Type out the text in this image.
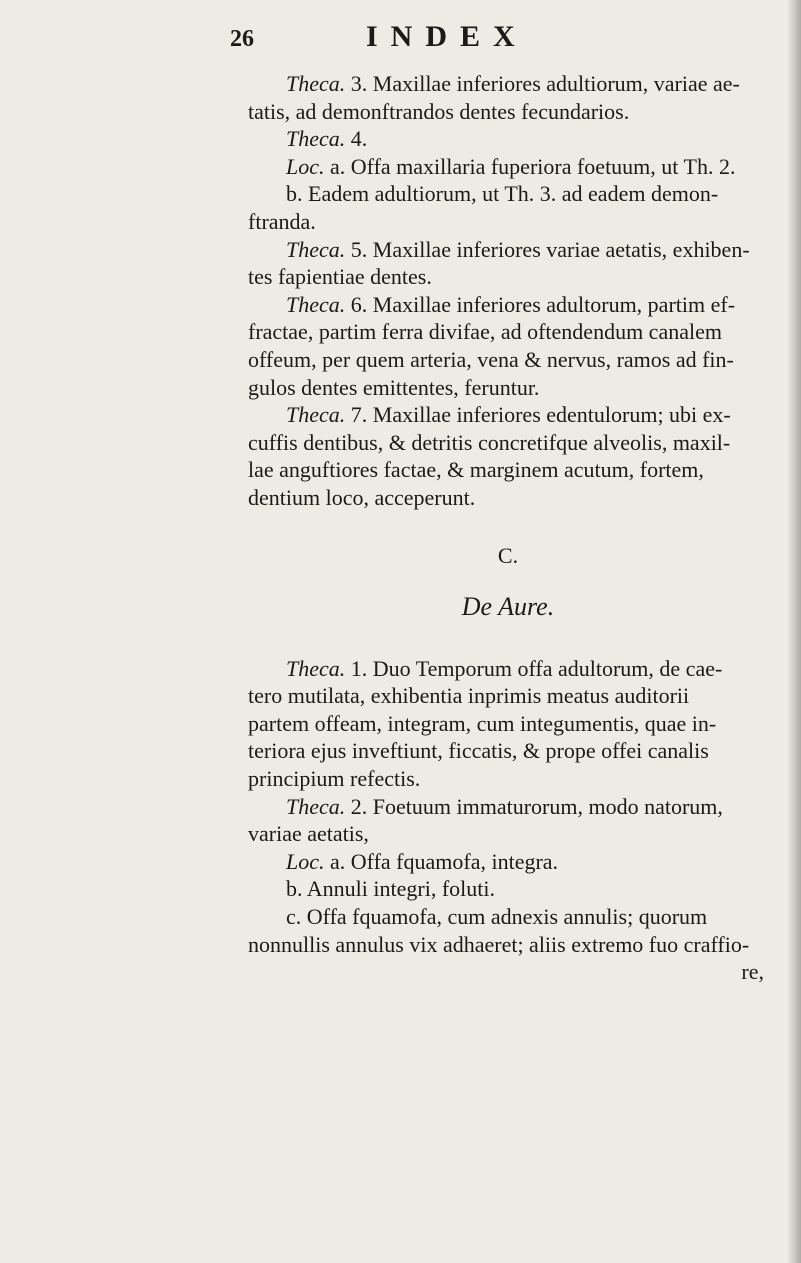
26	INDEX
Theca. 3. Maxillae inferiores adultiorum, variae ae-
tatis, ad demonftrandos dentes fecundarios.
Theca. 4.
Loc. a. Offa maxillaria fuperiora foetuum, ut Th. 2.
b. Eadem adultiorum, ut Th. 3. ad eadem demon-
ftranda.
Theca. 5. Maxillae inferiores variae aetatis, exhiben-
tes fapientiae dentes.
Theca. 6. Maxillae inferiores adultorum, partim ef-
fractae, partim ferra divifae, ad oftendendum canalem
offeum, per quem arteria, vena & nervus, ramos ad fin-
gulos dentes emittentes, feruntur.
Theca. 7. Maxillae inferiores edentulorum; ubi ex-
cuffis dentibus, & detritis concretifque alveolis, maxil-
lae anguftiores factae, & marginem acutum, fortem,
dentium loco, acceperunt.
C.
De Aure.
Theca. 1. Duo Temporum offa adultorum, de cae-
tero mutilata, exhibentia inprimis meatus auditorii
partem offeam, integram, cum integumentis, quae in-
teriora ejus inveftiunt, ficcatis, & prope offei canalis
principium refectis.
Theca. 2. Foetuum immaturorum, modo natorum,
variae aetatis,
Loc. a. Offa fquamofa, integra.
b. Annuli integri, foluti.
c. Offa fquamofa, cum adnexis annulis; quorum
nonnullis annulus vix adhaeret; aliis extremo fuo craffio-
re,
